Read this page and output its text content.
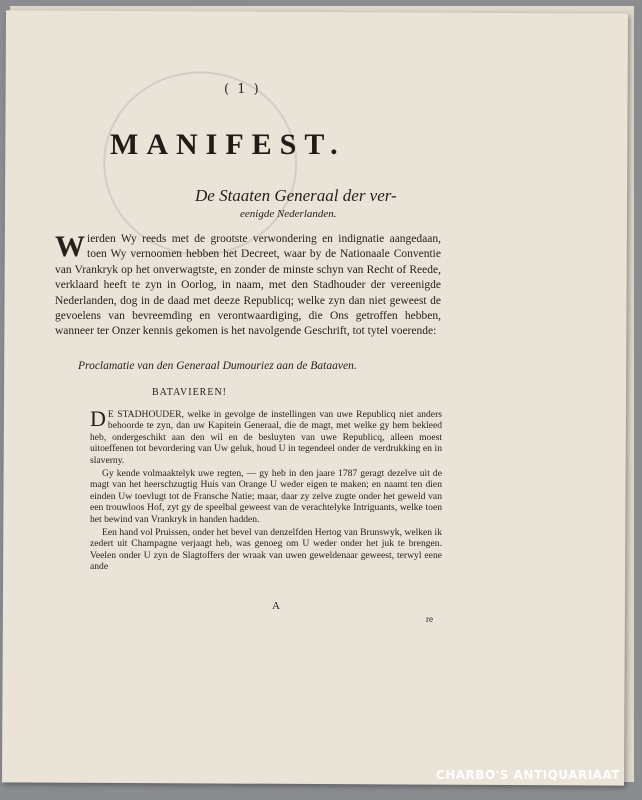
( 1 )
MANIFEST.
De Staaten Generaal der ver-
eenigde Nederlanden.
Wierden Wy reeds met de grootste verwondering en indignatie aangedaan, toen Wy vernoomen hebben het Decreet, waar by de Nationaale Conventie van Vrankryk op het onverwagtste, en zonder de minste schyn van Recht of Reede, verklaard heeft te zyn in Oorlog, in naam, met den Stadhouder der vereenigde Nederlanden, dog in de daad met deeze Republicq; welke zyn dan niet geweest de gevoelens van bevreemding en verontwaardiging, die Ons getroffen hebben, wanneer ter Onzer kennis gekomen is het navolgende Geschrift, tot tytel voerende:
Proclamatie van den Generaal Dumouriez aan de Bataaven.
BATAVIEREN!

D E STADHOUDER, welke in gevolge de instellingen van uwe Republicq niet anders behoorde te zyn, dan uw Kapitein Generaal, die de magt, met welke gy hem bekleed heb, ondergeschikt aan den wil en de besluyten van uwe Republicq, alleen moest uitoeffenen tot bevordering van Uw geluk, houd U in tegendeel onder de verdrukking en in slaverny.

Gy kende volmaaktelyk uwe regten, — gy heb in den jaare 1787 geragt dezelve uit de magt van het heerschzugtig Huis van Orange U weder eigen te maken; en naamt ten dien einden Uw toevlugt tot de Fransche Natie; maar, daar zy zelve zugte onder het geweld van een trouwloos Hof, zyt gy de speelbal geweest van de verachtelyke Intriguants, welke toen het bewind van Vrankryk in handen hadden.

Een hand vol Pruissen, onder het bevel van denzelfden Hertog van Brunswyk, welken ik zedert uit Champagne verjaagt heb, was genoeg om U weder onder het juk te brengen. Veelen onder U zyn de Slagtoffers der wraak van uwen geweldenaar geweest, terwyl eene ande

A
re
CHARBO'S ANTIQUARIAAT
